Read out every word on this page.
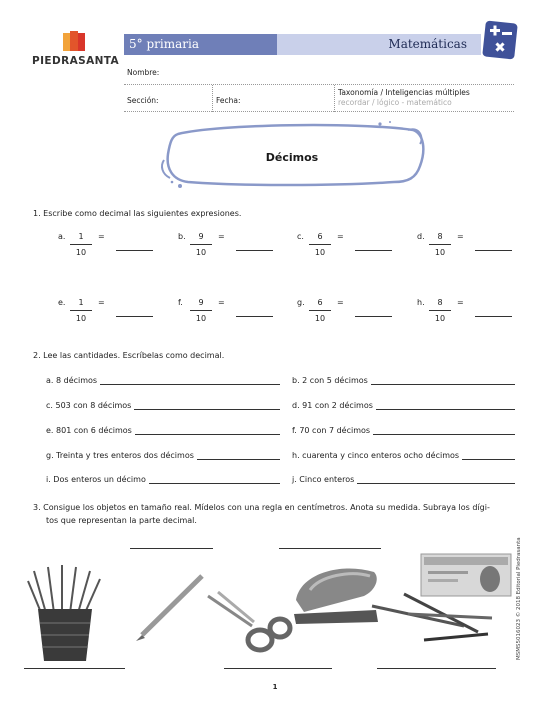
PIEDRASANTA
5° primaria	Matemáticas
Nombre:
Sección:	Fecha:
Taxonomía / Inteligencias múltiples
recordar / lógico - matemático
Décimos
1. Escribe como decimal las siguientes expresiones.
a. $\frac{1}{10}$ =	b. $\frac{9}{10}$ =	c. $\frac{6}{10}$ =	d. $\frac{8}{10}$ =
e. $\frac{1}{10}$ =	f. $\frac{9}{10}$ =	g. $\frac{6}{10}$ =	h. $\frac{8}{10}$ =
2. Lee las cantidades. Escríbelas como decimal.
a. 8 décimos	b. 2 con 5 décimos
c. 503 con 8 décimos	d. 91 con 2 décimos
e. 801 con 6 décimos	f. 70 con 7 décimos
g. Treinta y tres enteros dos décimos	h. cuarenta y cinco enteros ocho décimos
i. Dos enteros un décimo	j. Cinco enteros
3. Consigue los objetos en tamaño real. Mídelos con una regla en centímetros. Anota su medida. Subraya los dígi-
tos que representan la parte decimal.
MSMS5016023 © 2018 Editorial Piedrasanta
1
